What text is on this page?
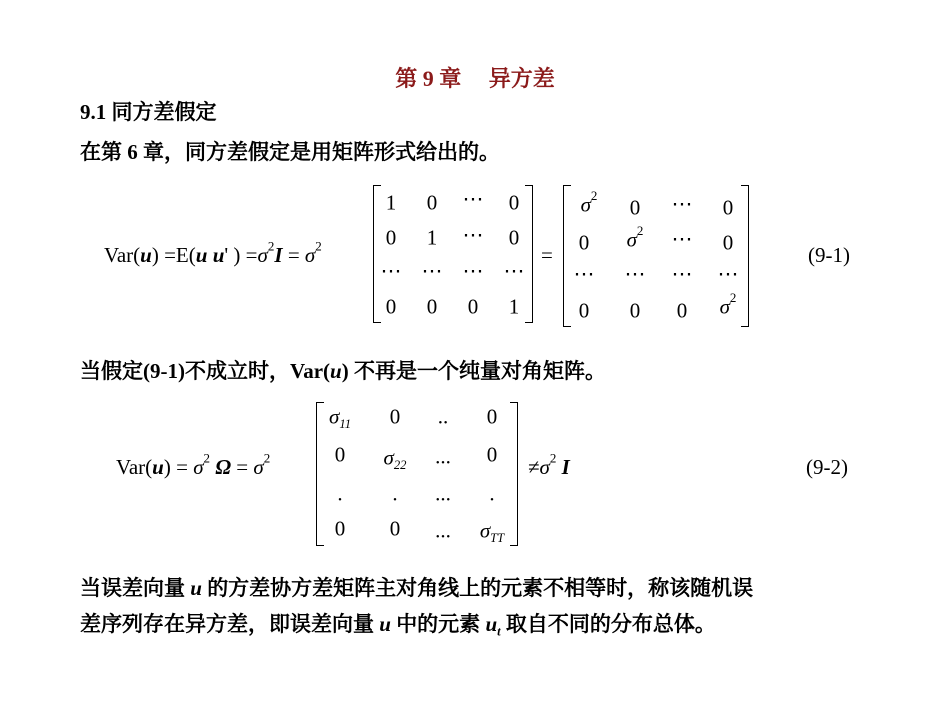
第 9 章　 异方差
9.1 同方差假定
在第 6 章，同方差假定是用矩阵形式给出的。
Var(u) =E(u u' ) $=\sigma^2I = \sigma^2$
1 0 ⋯ 0
0 1 ⋯ 0
⋯ ⋯ ⋯ ⋯
0 0 0 1
=
$\sigma^2$
0 ⋯ 0
0 $\sigma^2$ ⋯ 0
⋯ ⋯ ⋯ ⋯
0 0 0 $\sigma^2$
(9-1)
当假定(9-1)不成立时，Var(u) 不再是一个纯量对角矩阵。
$Var(u) = \sigma^2$ $\Omega = \sigma^2$
$\sigma_{11}$ 0 .. 0
0 $\sigma_{22}$ ... 0
. . ... .
0 0 ... $\sigma_{TT}$
$\ne\sigma^2$ I	(9-2)
当误差向量 u 的方差协方差矩阵主对角线上的元素不相等时，称该随机误
差序列存在异方差，即误差向量 u 中的元素 $u_t$ 取自不同的分布总体。
